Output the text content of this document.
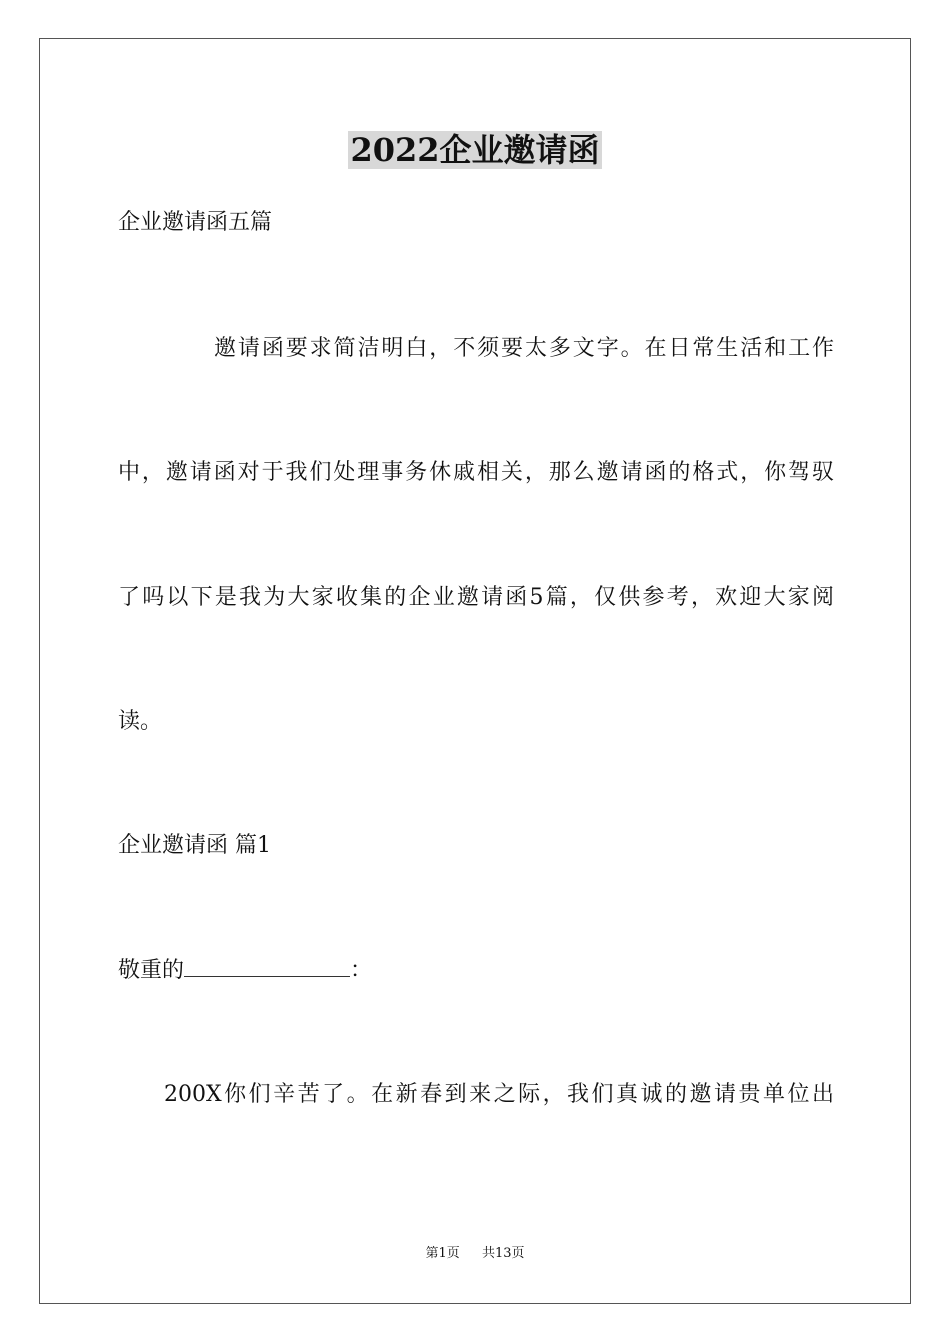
2022企业邀请函
企业邀请函五篇
邀请函要求简洁明白，不须要太多文字。在日常生活和工作
中，邀请函对于我们处理事务休戚相关，那么邀请函的格式，你驾驭
了吗以下是我为大家收集的企业邀请函5篇，仅供参考，欢迎大家阅
读。
企业邀请函 篇1
敬重的	：
200X你们辛苦了。在新春到来之际，我们真诚的邀请贵单位出
第1页 共13页
